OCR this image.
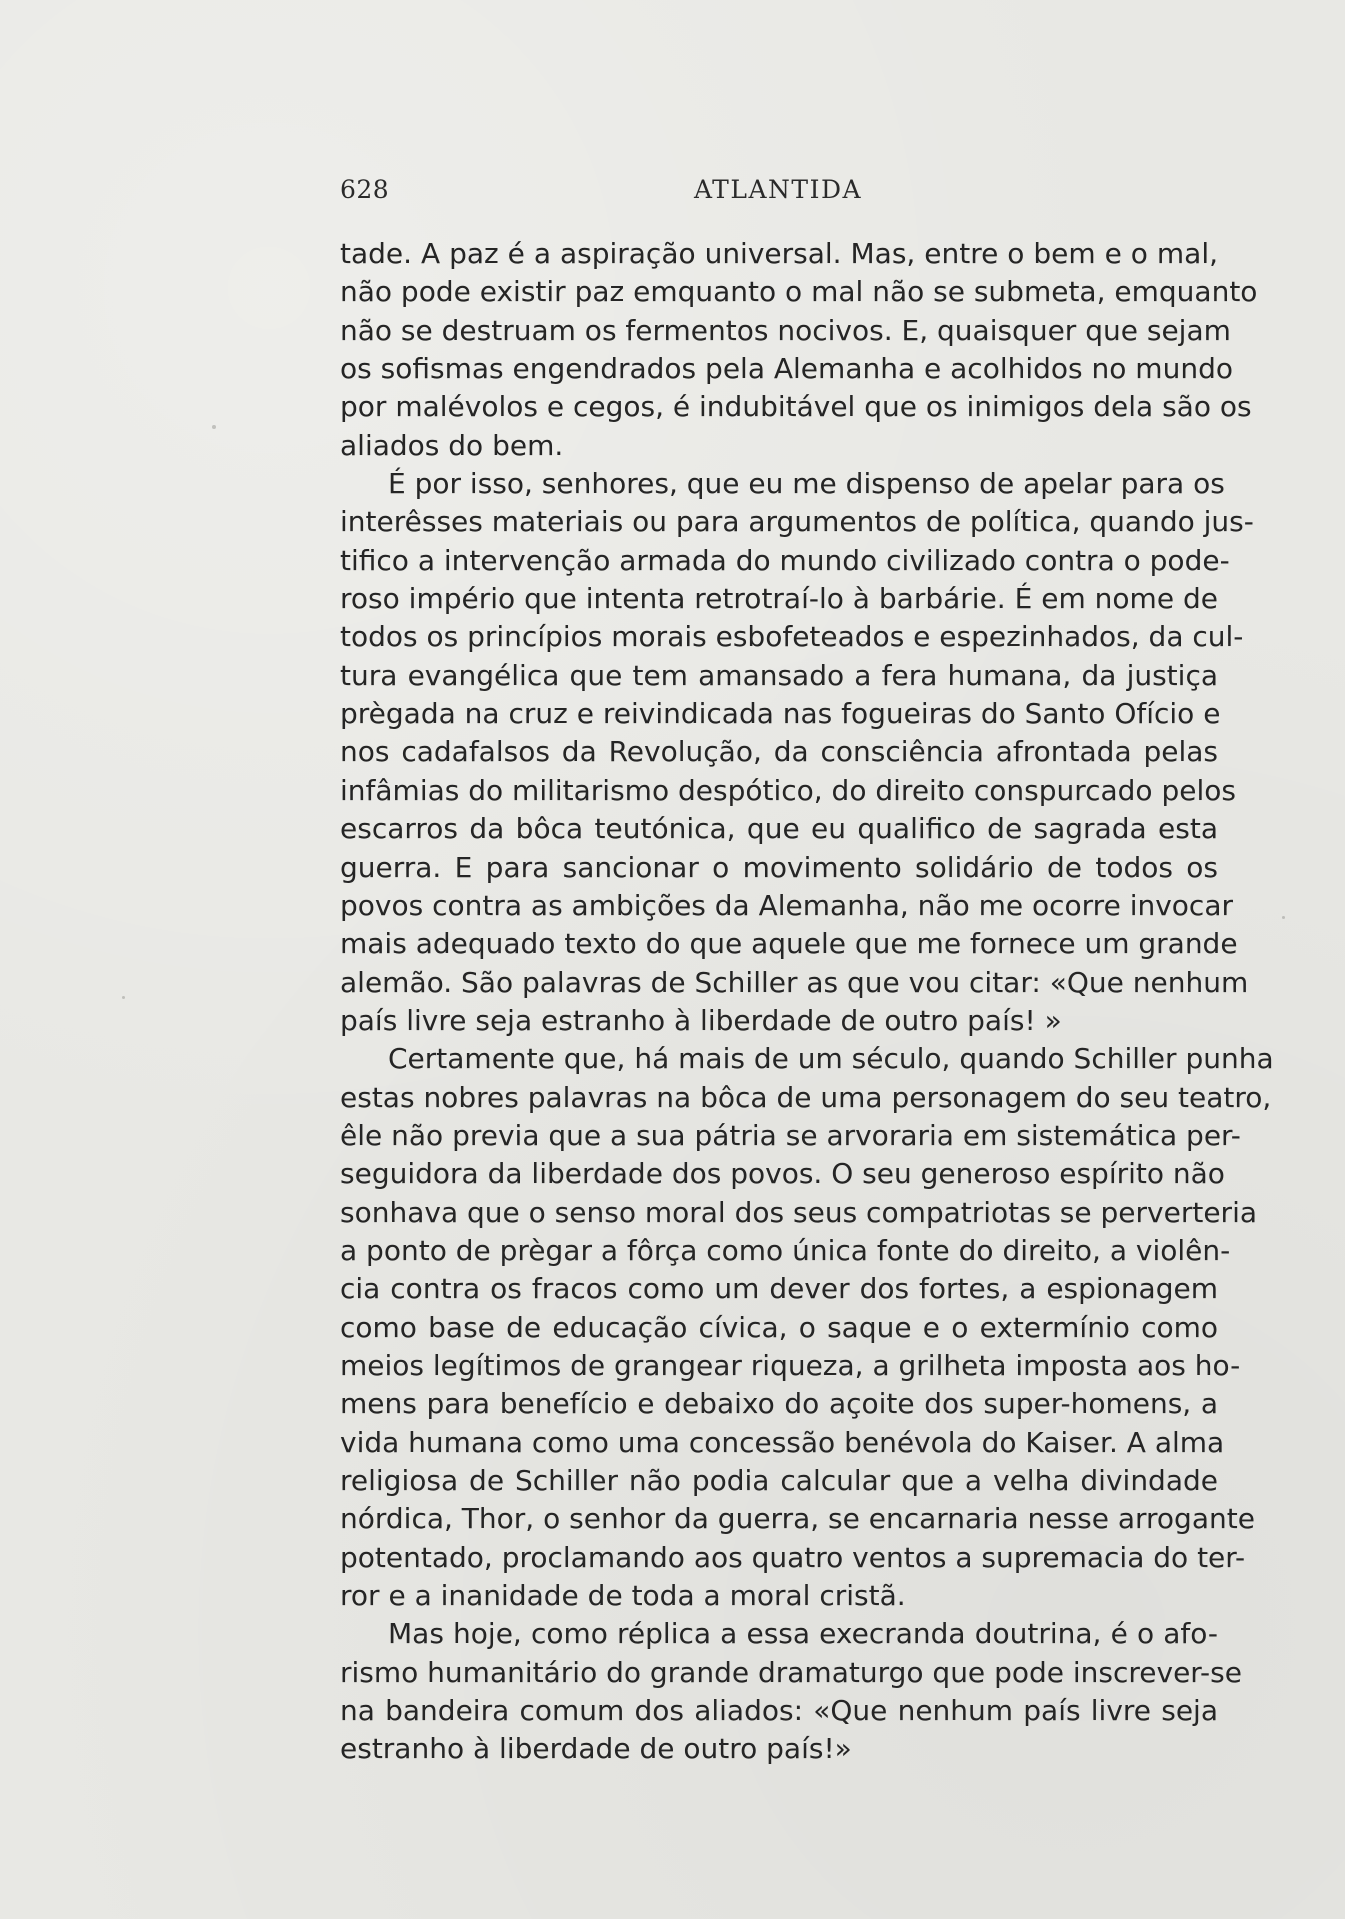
628	ATLANTIDA
tade. A paz é a aspiração universal. Mas, entre o bem e o mal,
não pode existir paz emquanto o mal não se submeta, emquanto
não se destruam os fermentos nocivos. E, quaisquer que sejam
os sofismas engendrados pela Alemanha e acolhidos no mundo
por malévolos e cegos, é indubitável que os inimigos dela são os
aliados do bem.
É por isso, senhores, que eu me dispenso de apelar para os
interêsses materiais ou para argumentos de política, quando jus-
tifico a intervenção armada do mundo civilizado contra o pode-
roso império que intenta retrotraí-lo à barbárie. É em nome de
todos os princípios morais esbofeteados e espezinhados, da cul-
tura evangélica que tem amansado a fera humana, da justiça
prègada na cruz e reivindicada nas fogueiras do Santo Ofício e
nos cadafalsos da Revolução, da consciência afrontada pelas
infâmias do militarismo despótico, do direito conspurcado pelos
escarros da bôca teutónica, que eu qualifico de sagrada esta
guerra. E para sancionar o movimento solidário de todos os
povos contra as ambições da Alemanha, não me ocorre invocar
mais adequado texto do que aquele que me fornece um grande
alemão. São palavras de Schiller as que vou citar: «Que nenhum
país livre seja estranho à liberdade de outro país! »
Certamente que, há mais de um século, quando Schiller punha
estas nobres palavras na bôca de uma personagem do seu teatro,
êle não previa que a sua pátria se arvoraria em sistemática per-
seguidora da liberdade dos povos. O seu generoso espírito não
sonhava que o senso moral dos seus compatriotas se perverteria
a ponto de prègar a fôrça como única fonte do direito, a violên-
cia contra os fracos como um dever dos fortes, a espionagem
como base de educação cívica, o saque e o extermínio como
meios legítimos de grangear riqueza, a grilheta imposta aos ho-
mens para benefício e debaixo do açoite dos super-homens, a
vida humana como uma concessão benévola do Kaiser. A alma
religiosa de Schiller não podia calcular que a velha divindade
nórdica, Thor, o senhor da guerra, se encarnaria nesse arrogante
potentado, proclamando aos quatro ventos a supremacia do ter-
ror e a inanidade de toda a moral cristã.
Mas hoje, como réplica a essa execranda doutrina, é o afo-
rismo humanitário do grande dramaturgo que pode inscrever-se
na bandeira comum dos aliados: «Que nenhum país livre seja
estranho à liberdade de outro país!»
